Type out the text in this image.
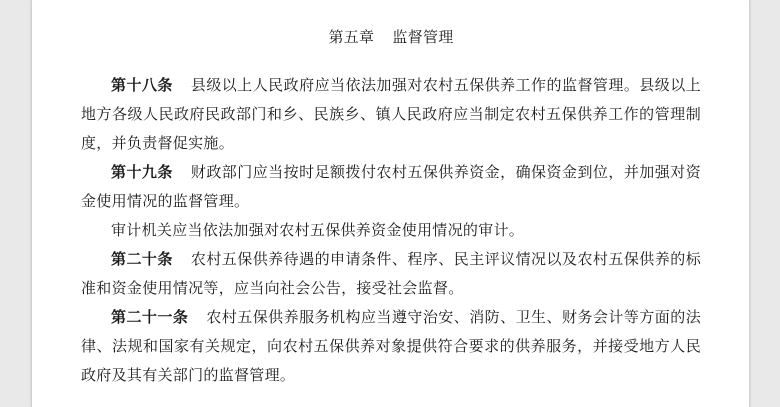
第五章 监督管理

第十八条 县级以上人民政府应当依法加强对农村五保供养工作的监督管理。县级以上地方各级人民政府民政部门和乡、民族乡、镇人民政府应当制定农村五保供养工作的管理制度，并负责督促实施。

第十九条 财政部门应当按时足额拨付农村五保供养资金，确保资金到位，并加强对资金使用情况的监督管理。

审计机关应当依法加强对农村五保供养资金使用情况的审计。

第二十条 农村五保供养待遇的申请条件、程序、民主评议情况以及农村五保供养的标准和资金使用情况等，应当向社会公告，接受社会监督。

第二十一条 农村五保供养服务机构应当遵守治安、消防、卫生、财务会计等方面的法律、法规和国家有关规定，向农村五保供养对象提供符合要求的供养服务，并接受地方人民政府及其有关部门的监督管理。
